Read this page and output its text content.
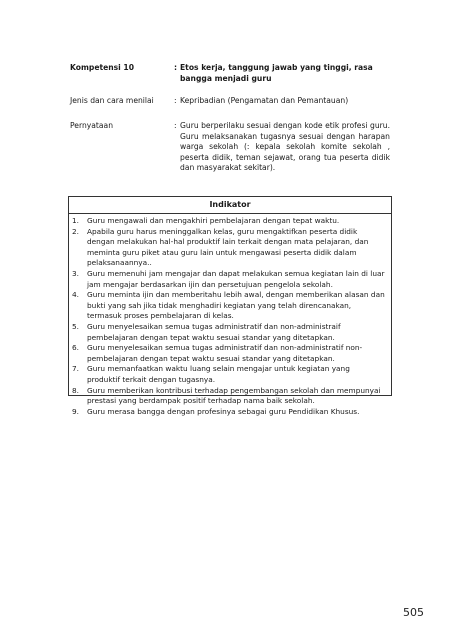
Kompetensi 10	: Etos kerja, tanggung jawab yang tinggi, rasa bangga menjadi guru
Jenis dan cara menilai	: Kepribadian (Pengamatan dan Pemantauan)
Pernyataan	: Guru berperilaku sesuai dengan kode etik profesi guru. Guru melaksanakan tugasnya sesuai dengan harapan warga sekolah (: kepala sekolah komite sekolah , peserta didik, teman sejawat, orang tua peserta didik dan masyarakat sekitar).
Indikator
1.	Guru mengawali dan mengakhiri pembelajaran dengan tepat waktu.
2.	Apabila guru harus meninggalkan kelas, guru mengaktifkan peserta didik dengan melakukan hal-hal produktif lain terkait dengan mata pelajaran, dan meminta guru piket atau guru lain untuk mengawasi peserta didik dalam pelaksanaannya..
3.	Guru memenuhi jam mengajar dan dapat melakukan semua kegiatan lain di luar jam mengajar berdasarkan ijin dan persetujuan pengelola sekolah.
4.	Guru meminta ijin dan memberitahu lebih awal, dengan memberikan alasan dan bukti yang sah jika tidak menghadiri kegiatan yang telah direncanakan, termasuk proses pembelajaran di kelas.
5.	Guru menyelesaikan semua tugas administratif dan non-administraif pembelajaran dengan tepat waktu sesuai standar yang ditetapkan.
6.	Guru menyelesaikan semua tugas administratif dan non-administratif non-pembelajaran dengan tepat waktu sesuai standar yang ditetapkan.
7.	Guru memanfaatkan waktu luang selain mengajar untuk kegiatan yang produktif terkait dengan tugasnya.
8.	Guru memberikan kontribusi terhadap pengembangan sekolah dan mempunyai prestasi yang berdampak positif terhadap nama baik sekolah.
9.	Guru merasa bangga dengan profesinya sebagai guru Pendidikan Khusus.
505
